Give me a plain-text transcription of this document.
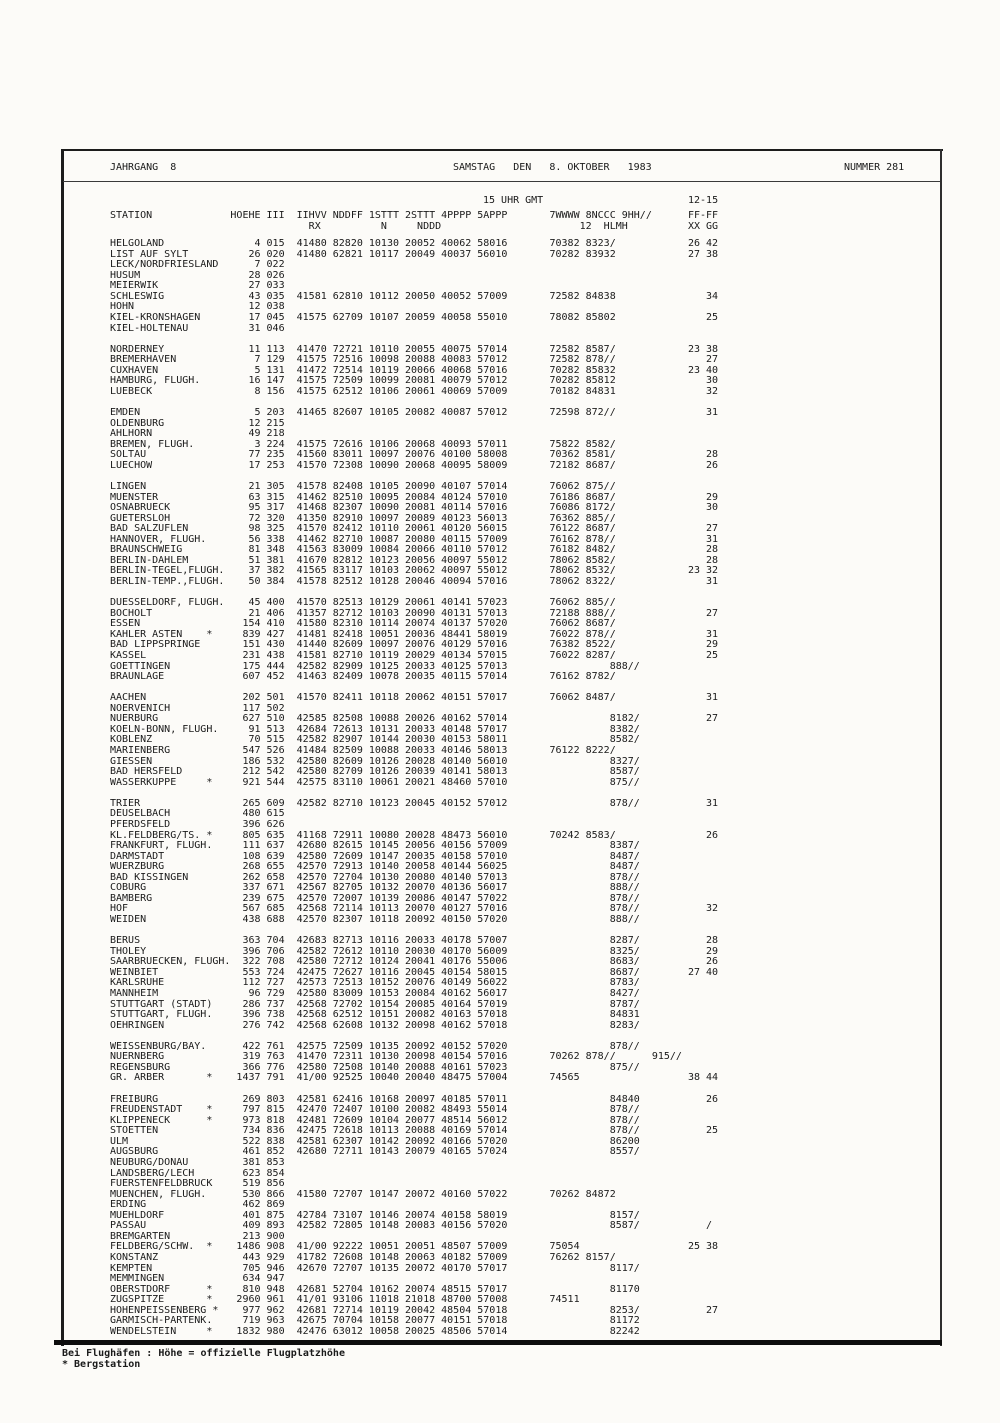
JAHRGANG  8	SAMSTAG   DEN   8. OKTOBER   1983	NUMMER 281
15 UHR GMT	12-15
STATION             HOEHE III  IIHVV NDDFF 1STTT 2STTT 4PPPP 5APPP       7WWWW 8NCCC 9HH//      FF-FF
RX          N     NDDD                       12  HLMH          XX GG
HELGOLAND               4 015  41480 82820 10130 20052 40062 58016       70382 8323/            26 42
LIST AUF SYLT          26 020  41480 62821 10117 20049 40037 56010       70282 83932            27 38
LECK/NORDFRIESLAND      7 022
HUSUM                  28 026
MEIERWIK               27 033
SCHLESWIG              43 035  41581 62810 10112 20050 40052 57009       72582 84838               34
HOHN                   12 038
KIEL-KRONSHAGEN        17 045  41575 62709 10107 20059 40058 55010       78082 85802               25
KIEL-HOLTENAU          31 046

NORDERNEY              11 113  41470 72721 10110 20055 40075 57014       72582 8587/            23 38
BREMERHAVEN             7 129  41575 72516 10098 20088 40083 57012       72582 878//               27
CUXHAVEN                5 131  41472 72514 10119 20066 40068 57016       70282 85832            23 40
HAMBURG, FLUGH.        16 147  41575 72509 10099 20081 40079 57012       70282 85812               30
LUEBECK                 8 156  41575 62512 10106 20061 40069 57009       70182 84831               32

EMDEN                   5 203  41465 82607 10105 20082 40087 57012       72598 872//               31
OLDENBURG              12 215
AHLHORN                49 218
BREMEN, FLUGH.          3 224  41575 72616 10106 20068 40093 57011       75822 8582/
SOLTAU                 77 235  41560 83011 10097 20076 40100 58008       70362 8581/               28
LUECHOW                17 253  41570 72308 10090 20068 40095 58009       72182 8687/               26

LINGEN                 21 305  41578 82408 10105 20090 40107 57014       76062 875//
MUENSTER               63 315  41462 82510 10095 20084 40124 57010       76186 8687/               29
OSNABRUECK             95 317  41468 82307 10090 20081 40114 57016       76086 8172/               30
GUETERSLOH             72 320  41350 82910 10097 20089 40123 56013       76362 885//
BAD SALZUFLEN          98 325  41570 82412 10110 20061 40120 56015       76122 8687/               27
HANNOVER, FLUGH.       56 338  41462 82710 10087 20080 40115 57009       76162 878//               31
BRAUNSCHWEIG           81 348  41563 83009 10084 20066 40110 57012       76182 8482/               28
BERLIN-DAHLEM          51 381  41670 82812 10123 20056 40097 55012       78062 8582/               28
BERLIN-TEGEL,FLUGH.    37 382  41565 83117 10103 20062 40097 55012       78062 8532/            23 32
BERLIN-TEMP.,FLUGH.    50 384  41578 82512 10128 20046 40094 57016       78062 8322/               31

DUESSELDORF, FLUGH.    45 400  41570 82513 10129 20061 40141 57023       76062 885//
BOCHOLT                21 406  41357 82712 10103 20090 40131 57013       72188 888//               27
ESSEN                 154 410  41580 82310 10114 20074 40137 57020       76062 8687/
KAHLER ASTEN    *     839 427  41481 82418 10051 20036 48441 58019       76022 878//               31
BAD LIPPSPRINGE       151 430  41440 82609 10097 20076 40129 57016       76382 8522/               29
KASSEL                231 438  41581 82710 10119 20029 40134 57015       76022 8287/               25
GOETTINGEN            175 444  42582 82909 10125 20033 40125 57013                 888//
BRAUNLAGE             607 452  41463 82409 10078 20035 40115 57014       76162 8782/

AACHEN                202 501  41570 82411 10118 20062 40151 57017       76062 8487/               31
NOERVENICH            117 502
NUERBURG              627 510  42585 82508 10088 20026 40162 57014                 8182/           27
KOELN-BONN, FLUGH.     91 513  42684 72613 10131 20033 40148 57017                 8382/
KOBLENZ                70 515  42582 82907 10144 20030 40153 58011                 8582/
MARIENBERG            547 526  41484 82509 10088 20033 40146 58013       76122 8222/
GIESSEN               186 532  42580 82609 10126 20028 40140 56010                 8327/
BAD HERSFELD          212 542  42580 82709 10126 20039 40141 58013                 8587/
WASSERKUPPE     *     921 544  42575 83110 10061 20021 48460 57010                 875//

TRIER                 265 609  42582 82710 10123 20045 40152 57012                 878//           31
DEUSELBACH            480 615
PFERDSFELD            396 626
KL.FELDBERG/TS. *     805 635  41168 72911 10080 20028 48473 56010       70242 8583/               26
FRANKFURT, FLUGH.     111 637  42680 82615 10145 20056 40156 57009                 8387/
DARMSTADT             108 639  42580 72609 10147 20035 40158 57010                 8487/
WUERZBURG             268 655  42570 72913 10140 20058 40144 56025                 8487/
BAD KISSINGEN         262 658  42570 72704 10130 20080 40140 57013                 878//
COBURG                337 671  42567 82705 10132 20070 40136 56017                 888//
BAMBERG               239 675  42570 72007 10139 20086 40147 57022                 878//
HOF                   567 685  42568 72114 10113 20070 40127 57016                 878//           32
WEIDEN                438 688  42570 82307 10118 20092 40150 57020                 888//

BERUS                 363 704  42683 82713 10116 20033 40178 57007                 8287/           28
THOLEY                396 706  42582 72612 10110 20030 40170 56009                 8325/           29
SAARBRUECKEN, FLUGH.  322 708  42580 72712 10124 20041 40176 55006                 8683/           26
WEINBIET              553 724  42475 72627 10116 20045 40154 58015                 8687/        27 40
KARLSRUHE             112 727  42573 72513 10152 20076 40149 56022                 8783/
MANNHEIM               96 729  42580 83009 10153 20084 40162 56017                 8427/
STUTTGART (STADT)     286 737  42568 72702 10154 20085 40164 57019                 8787/
STUTTGART, FLUGH.     396 738  42568 62512 10151 20082 40163 57018                 84831
OEHRINGEN             276 742  42568 62608 10132 20098 40162 57018                 8283/

WEISSENBURG/BAY.      422 761  42575 72509 10135 20092 40152 57020                 878//
NUERNBERG             319 763  41470 72311 10130 20098 40154 57016       70262 878//      915//
REGENSBURG            366 776  42580 72508 10140 20088 40161 57023                 875//
GR. ARBER       *    1437 791  41/00 92525 10040 20040 48475 57004       74565                  38 44

FREIBURG              269 803  42581 62416 10168 20097 40185 57011                 84840           26
FREUDENSTADT    *     797 815  42470 72407 10100 20082 48493 55014                 878//
KLIPPENECK      *     973 818  42481 72609 10104 20077 48514 56012                 878//
STOETTEN              734 836  42475 72618 10113 20088 40169 57014                 878//           25
ULM                   522 838  42581 62307 10142 20092 40166 57020                 86200
AUGSBURG              461 852  42680 72711 10143 20079 40165 57024                 8557/
NEUBURG/DONAU         381 853
LANDSBERG/LECH        623 854
FUERSTENFELDBRUCK     519 856
MUENCHEN, FLUGH.      530 866  41580 72707 10147 20072 40160 57022       70262 84872
ERDING                462 869
MUEHLDORF             401 875  42784 73107 10146 20074 40158 58019                 8157/
PASSAU                409 893  42582 72805 10148 20083 40156 57020                 8587/           /
BREMGARTEN            213 900
FELDBERG/SCHW.  *    1486 908  41/00 92222 10051 20051 48507 57009       75054                  25 38
KONSTANZ              443 929  41782 72608 10148 20063 40182 57009       76262 8157/
KEMPTEN               705 946  42670 72707 10135 20072 40170 57017                 8117/
MEMMINGEN             634 947
OBERSTDORF      *     810 948  42681 52704 10162 20074 48515 57017                 81170
ZUGSPITZE       *    2960 961  41/01 93106 11018 21018 48700 57008       74511
HOHENPEISSENBERG *    977 962  42681 72714 10119 20042 48504 57018                 8253/           27
GARMISCH-PARTENK.     719 963  42675 70704 10158 20077 40151 57018                 81172
WENDELSTEIN     *    1832 980  42476 63012 10058 20025 48506 57014                 82242
Bei Flughäfen : Höhe = offizielle Flugplatzhöhe
* Bergstation
